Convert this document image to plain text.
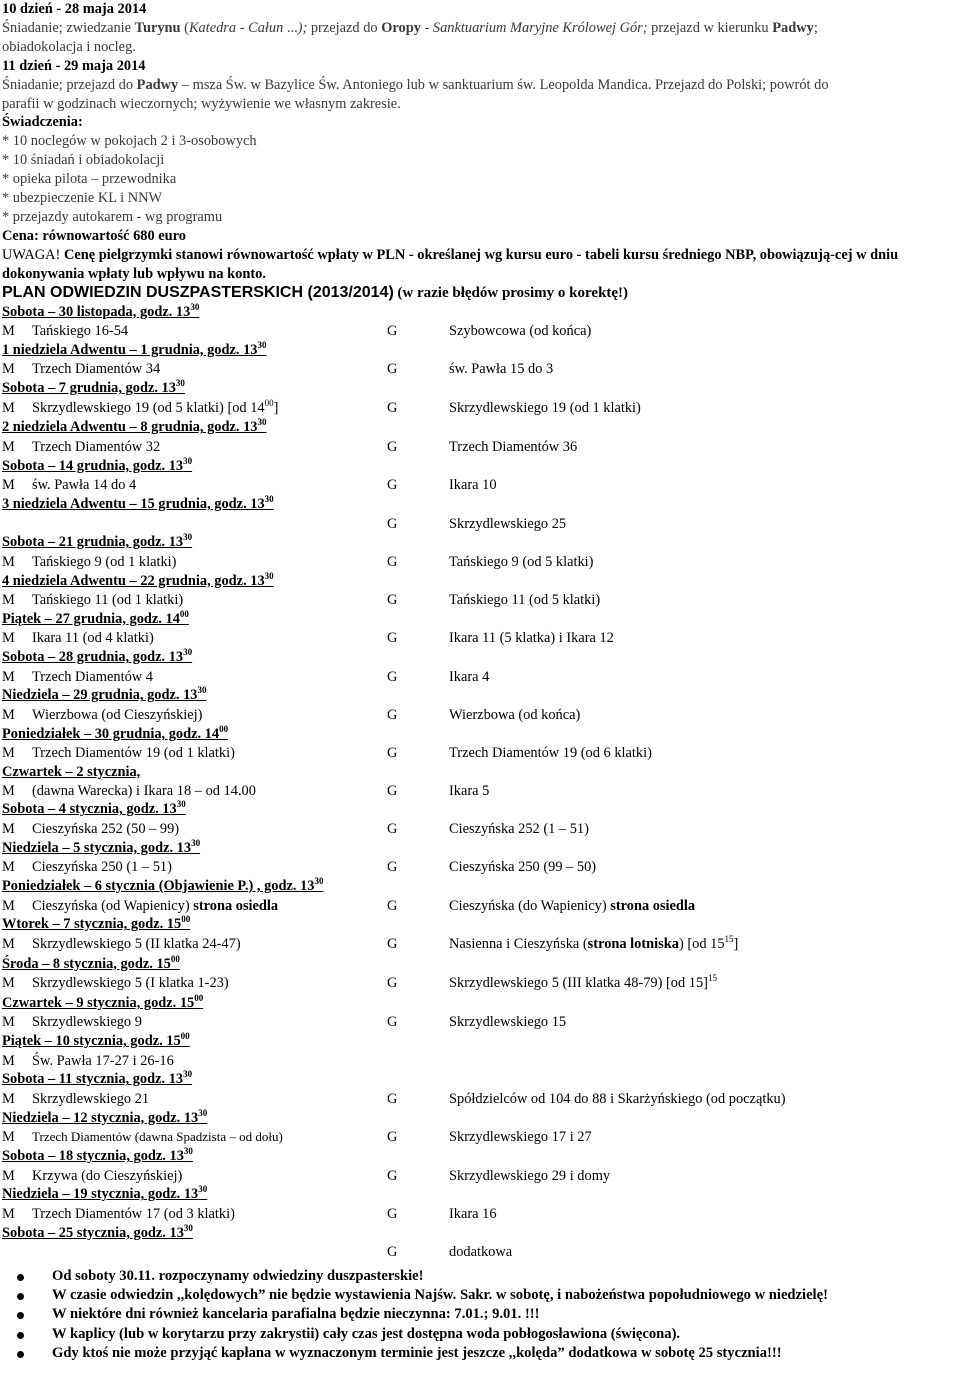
10 dzień - 28 maja 2014
Śniadanie; zwiedzanie Turynu (Katedra - Całun ...); przejazd do Oropy - Sanktuarium Maryjne Królowej Gór; przejazd w kierunku Padwy;
obiadokolacja i nocleg.
11 dzień - 29 maja 2014
Śniadanie; przejazd do Padwy – msza Św. w Bazylice Św. Antoniego lub w sanktuarium św. Leopolda Mandica. Przejazd do Polski; powrót do
parafii w godzinach wieczornych; wyżywienie we własnym zakresie.
Świadczenia:
* 10 noclegów w pokojach 2 i 3-osobowych
* 10 śniadań i obiadokolacji
* opieka pilota – przewodnika
* ubezpieczenie KL i NNW
* przejazdy autokarem - wg programu
Cena: równowartość 680 euro
UWAGA! Cenę pielgrzymki stanowi równowartość wpłaty w PLN - określanej wg kursu euro - tabeli kursu średniego NBP, obowiązują-cej w dniu dokonywania wpłaty lub wpływu na konto.
PLAN ODWIEDZIN DUSZPASTERSKICH (2013/2014) (w razie błędów prosimy o korektę!)
Sobota – 30 listopada, godz. $13^{30}$
M	Tańskiego 16-54	G	Szybowcowa (od końca)
1 niedziela Adwentu – 1 grudnia, godz. $13^{30}$
M	Trzech Diamentów 34	G	św. Pawła 15 do 3
Sobota – 7 grudnia, godz. $13^{30}$
M	Skrzydlewskiego 19 (od 5 klatki) [od $14^{00}$]	G	Skrzydlewskiego 19 (od 1 klatki)
2 niedziela Adwentu – 8 grudnia, godz. $13^{30}$
M	Trzech Diamentów 32	G	Trzech Diamentów 36
Sobota – 14 grudnia, godz. $13^{30}$
M	św. Pawła 14 do 4	G	Ikara 10
3 niedziela Adwentu – 15 grudnia, godz. $13^{30}$
G	Skrzydlewskiego 25
Sobota – 21 grudnia, godz. $13^{30}$
M	Tańskiego 9 (od 1 klatki)	G	Tańskiego 9 (od 5 klatki)
4 niedziela Adwentu – 22 grudnia, godz. $13^{30}$
M	Tańskiego 11 (od 1 klatki)	G	Tańskiego 11 (od 5 klatki)
Piątek – 27 grudnia, godz. $14^{00}$
M	Ikara 11 (od 4 klatki)	G	Ikara 11 (5 klatka) i Ikara 12
Sobota – 28 grudnia, godz. $13^{30}$
M	Trzech Diamentów 4	G	Ikara 4
Niedziela – 29 grudnia, godz. $13^{30}$
M	Wierzbowa (od Cieszyńskiej)	G	Wierzbowa (od końca)
Poniedziałek – 30 grudnia, godz. $14^{00}$
M	Trzech Diamentów 19 (od 1 klatki)	G	Trzech Diamentów 19 (od 6 klatki)
Czwartek – 2 stycznia,
M	(dawna Warecka) i Ikara 18 – od 14.00	G	Ikara 5
Sobota – 4 stycznia, godz. $13^{30}$
M	Cieszyńska 252 (50 – 99)	G	Cieszyńska 252 (1 – 51)
Niedziela – 5 stycznia, godz. $13^{30}$
M	Cieszyńska 250 (1 – 51)	G	Cieszyńska 250 (99 – 50)
Poniedziałek – 6 stycznia (Objawienie P.) , godz. $13^{30}$
M	Cieszyńska (od Wapienicy) strona osiedla	G	Cieszyńska (do Wapienicy) strona osiedla
Wtorek – 7 stycznia, godz. $15^{00}$
M	Skrzydlewskiego 5 (II klatka 24-47)	G	Nasienna i Cieszyńska (strona lotniska) [od $15^{15}$]
Środa – 8 stycznia, godz. $15^{00}$
M	Skrzydlewskiego 5 (I klatka 1-23)	G	Skrzydlewskiego 5 (III klatka 48-79) [od 15]$^{15}$
Czwartek – 9 stycznia, godz. $15^{00}$
M	Skrzydlewskiego 9	G	Skrzydlewskiego 15
Piątek – 10 stycznia, godz. $15^{00}$
M	Św. Pawła 17-27 i 26-16
Sobota – 11 stycznia, godz. $13^{30}$
M	Skrzydlewskiego 21	G	Spółdzielców od 104 do 88 i Skarżyńskiego (od początku)
Niedziela – 12 stycznia, godz. $13^{30}$
M	Trzech Diamentów (dawna Spadzista – od dołu)	G	Skrzydlewskiego 17 i 27
Sobota – 18 stycznia, godz. $13^{30}$
M	Krzywa (do Cieszyńskiej)	G	Skrzydlewskiego 29 i domy
Niedziela – 19 stycznia, godz. $13^{30}$
M	Trzech Diamentów 17 (od 3 klatki)	G	Ikara 16
Sobota – 25 stycznia, godz. $13^{30}$
G	dodatkowa
Od soboty 30.11. rozpoczynamy odwiedziny duszpasterskie!
W czasie odwiedzin ,,kolędowych” nie będzie wystawienia Najśw. Sakr. w sobotę, i nabożeństwa popołudniowego w niedzielę!
W niektóre dni również kancelaria parafialna będzie nieczynna: 7.01.; 9.01. !!!
W kaplicy (lub w korytarzu przy zakrystii) cały czas jest dostępna woda pobłogosławiona (święcona).
Gdy ktoś nie może przyjąć kapłana w wyznaczonym terminie jest jeszcze ,,kolęda” dodatkowa w sobotę 25 stycznia!!!
